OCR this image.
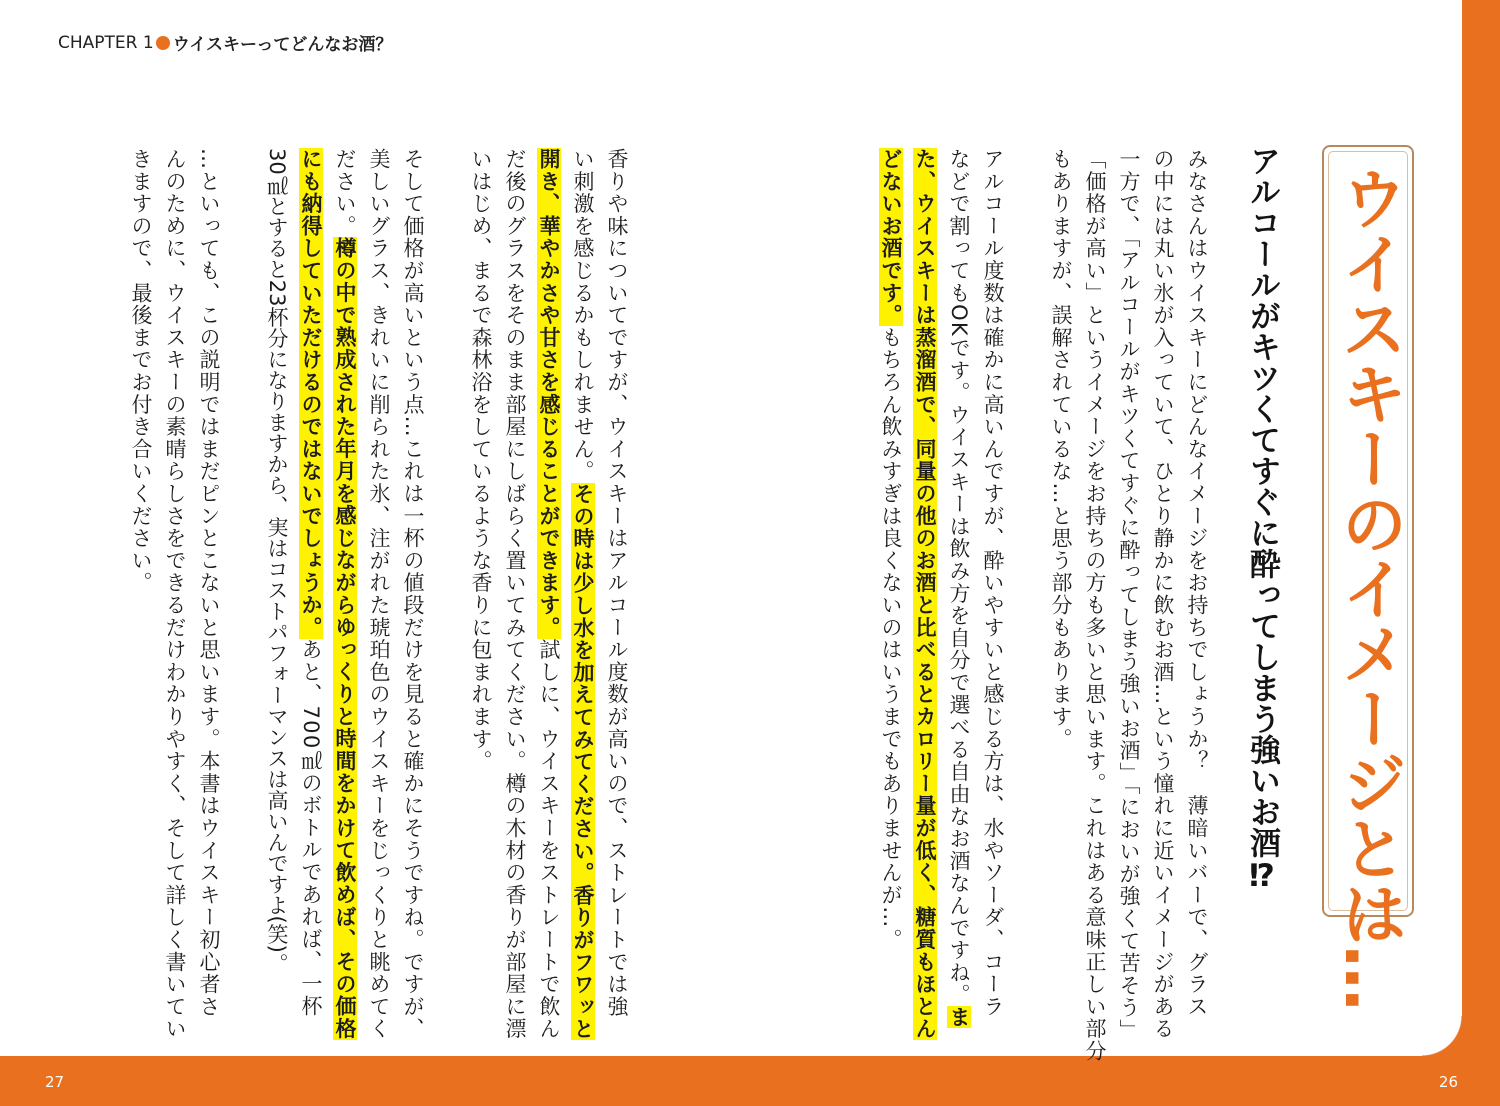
27	26
CHAPTER 1 ウイスキーってどんなお酒？
ウイスキーのイメージとは…
アルコールがキツくてすぐに酔ってしまう強いお酒⁉
みなさんはウイスキーにどんなイメージをお持ちでしょうか？　薄暗いバーで、グラス
の中には丸い氷が入っていて、ひとり静かに飲むお酒…という憧れに近いイメージがある
一方で、「アルコールがキツくてすぐに酔ってしまう強いお酒」「においが強くて苦そう」
「価格が高い」というイメージをお持ちの方も多いと思います。これはある意味正しい部分
もありますが、誤解されているな…と思う部分もあります。
アルコール度数は確かに高いんですが、酔いやすいと感じる方は、水やソーダ、コーラ
などで割ってもOKです。ウイスキーは飲み方を自分で選べる自由なお酒なんですね。ま
た、ウイスキーは蒸溜酒で、同量の他のお酒と比べるとカロリー量が低く、糖質もほとん
どないお酒です。もちろん飲みすぎは良くないのはいうまでもありませんが…。
香りや味についてですが、ウイスキーはアルコール度数が高いので、ストレートでは強
い刺激を感じるかもしれません。その時は少し水を加えてみてください。香りがフワッと
開き、華やかさや甘さを感じることができます。試しに、ウイスキーをストレートで飲ん
だ後のグラスをそのまま部屋にしばらく置いてみてください。樽の木材の香りが部屋に漂
いはじめ、まるで森林浴をしているような香りに包まれます。
そして価格が高いという点…これは一杯の値段だけを見ると確かにそうですね。ですが、
美しいグラス、きれいに削られた氷、注がれた琥珀色のウイスキーをじっくりと眺めてく
ださい。樽の中で熟成された年月を感じながらゆっくりと時間をかけて飲めば、その価格
にも納得していただけるのではないでしょうか。あと、700㎖のボトルであれば、一杯
30㎖とすると23杯分になりますから、実はコストパフォーマンスは高いんですよ(笑)。
…といっても、この説明ではまだピンとこないと思います。本書はウイスキー初心者さ
んのために、ウイスキーの素晴らしさをできるだけわかりやすく、そして詳しく書いてい
きますので、最後までお付き合いください。
